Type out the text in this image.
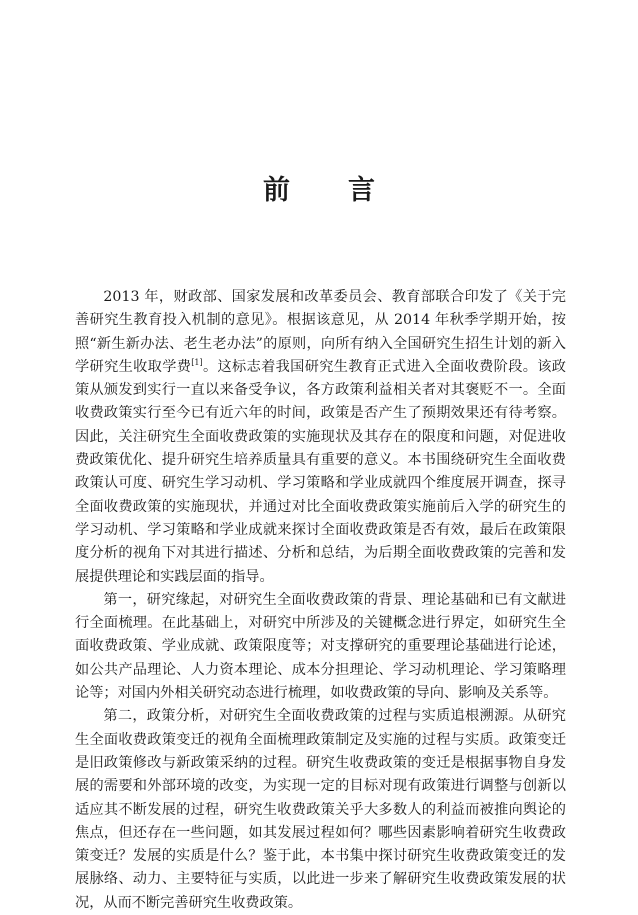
前 言

2013 年，财政部、国家发展和改革委员会、教育部联合印发了《关于完善研究生教育投入机制的意见》。根据该意见，从 2014 年秋季学期开始，按照“新生新办法、老生老办法”的原则，向所有纳入全国研究生招生计划的新入学研究生收取学费[1]。这标志着我国研究生教育正式进入全面收费阶段。该政策从颁发到实行一直以来备受争议，各方政策利益相关者对其褒贬不一。全面收费政策实行至今已有近六年的时间，政策是否产生了预期效果还有待考察。因此，关注研究生全面收费政策的实施现状及其存在的限度和问题，对促进收费政策优化、提升研究生培养质量具有重要的意义。本书围绕研究生全面收费政策认可度、研究生学习动机、学习策略和学业成就四个维度展开调查，探寻全面收费政策的实施现状，并通过对比全面收费政策实施前后入学的研究生的学习动机、学习策略和学业成就来探讨全面收费政策是否有效，最后在政策限度分析的视角下对其进行描述、分析和总结，为后期全面收费政策的完善和发展提供理论和实践层面的指导。

第一，研究缘起，对研究生全面收费政策的背景、理论基础和已有文献进行全面梳理。在此基础上，对研究中所涉及的关键概念进行界定，如研究生全面收费政策、学业成就、政策限度等；对支撑研究的重要理论基础进行论述，如公共产品理论、人力资本理论、成本分担理论、学习动机理论、学习策略理论等；对国内外相关研究动态进行梳理，如收费政策的导向、影响及关系等。

第二，政策分析，对研究生全面收费政策的过程与实质追根溯源。从研究生全面收费政策变迁的视角全面梳理政策制定及实施的过程与实质。政策变迁是旧政策修改与新政策采纳的过程。研究生收费政策的变迁是根据事物自身发展的需要和外部环境的改变，为实现一定的目标对现有政策进行调整与创新以适应其不断发展的过程，研究生收费政策关乎大多数人的利益而被推向舆论的焦点，但还存在一些问题，如其发展过程如何？哪些因素影响着研究生收费政策变迁？发展的实质是什么？鉴于此，本书集中探讨研究生收费政策变迁的发展脉络、动力、主要特征与实质，以此进一步来了解研究生收费政策发展的状况，从而不断完善研究生收费政策。
